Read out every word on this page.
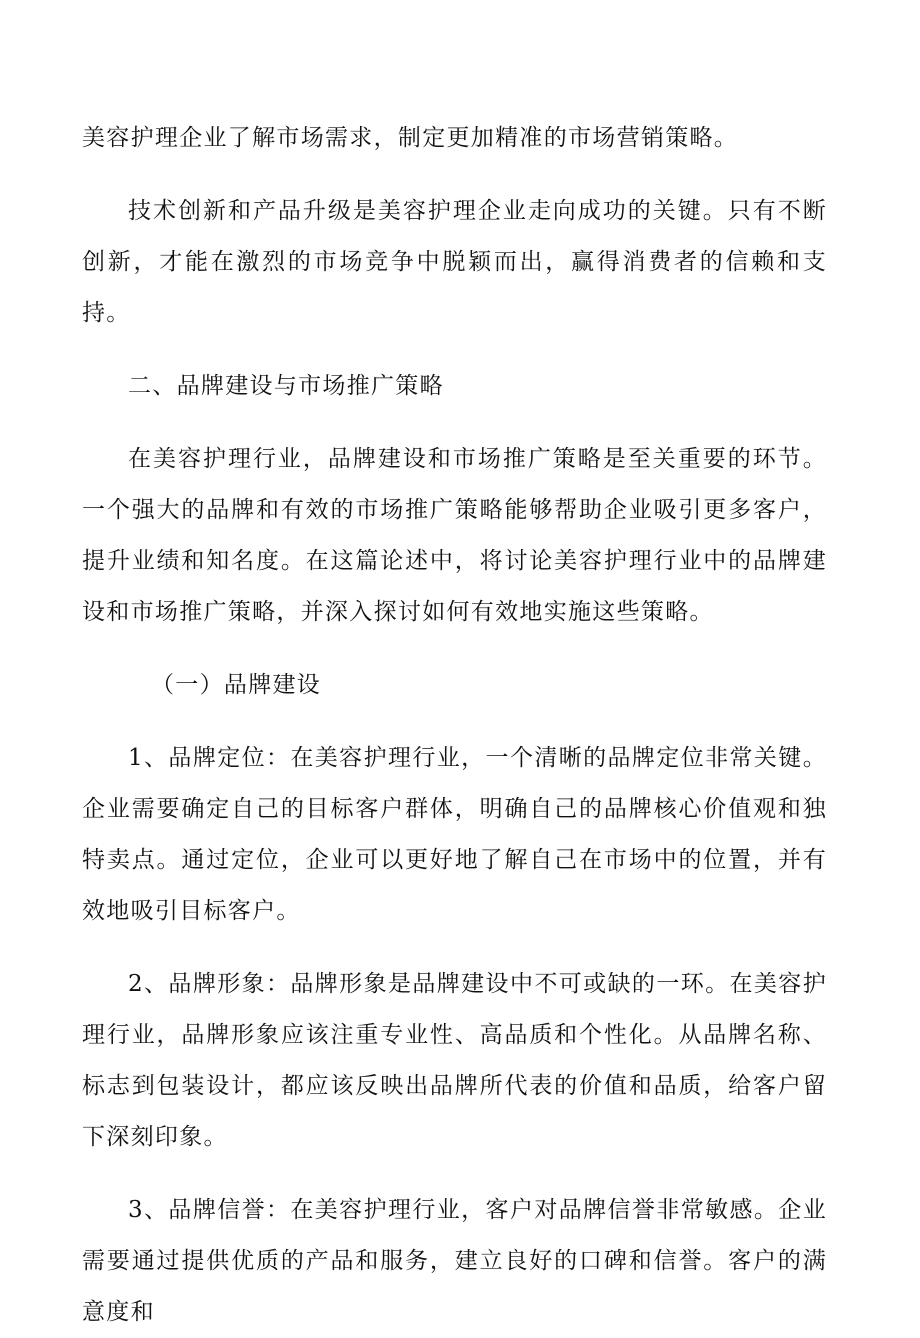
美容护理企业了解市场需求，制定更加精准的市场营销策略。

技术创新和产品升级是美容护理企业走向成功的关键。只有不断创新，才能在激烈的市场竞争中脱颖而出，赢得消费者的信赖和支持。

二、品牌建设与市场推广策略

在美容护理行业，品牌建设和市场推广策略是至关重要的环节。一个强大的品牌和有效的市场推广策略能够帮助企业吸引更多客户，提升业绩和知名度。在这篇论述中，将讨论美容护理行业中的品牌建设和市场推广策略，并深入探讨如何有效地实施这些策略。

（一）品牌建设

1、品牌定位：在美容护理行业，一个清晰的品牌定位非常关键。企业需要确定自己的目标客户群体，明确自己的品牌核心价值观和独特卖点。通过定位，企业可以更好地了解自己在市场中的位置，并有效地吸引目标客户。

2、品牌形象：品牌形象是品牌建设中不可或缺的一环。在美容护理行业，品牌形象应该注重专业性、高品质和个性化。从品牌名称、标志到包装设计，都应该反映出品牌所代表的价值和品质，给客户留下深刻印象。

3、品牌信誉：在美容护理行业，客户对品牌信誉非常敏感。企业需要通过提供优质的产品和服务，建立良好的口碑和信誉。客户的满意度和
